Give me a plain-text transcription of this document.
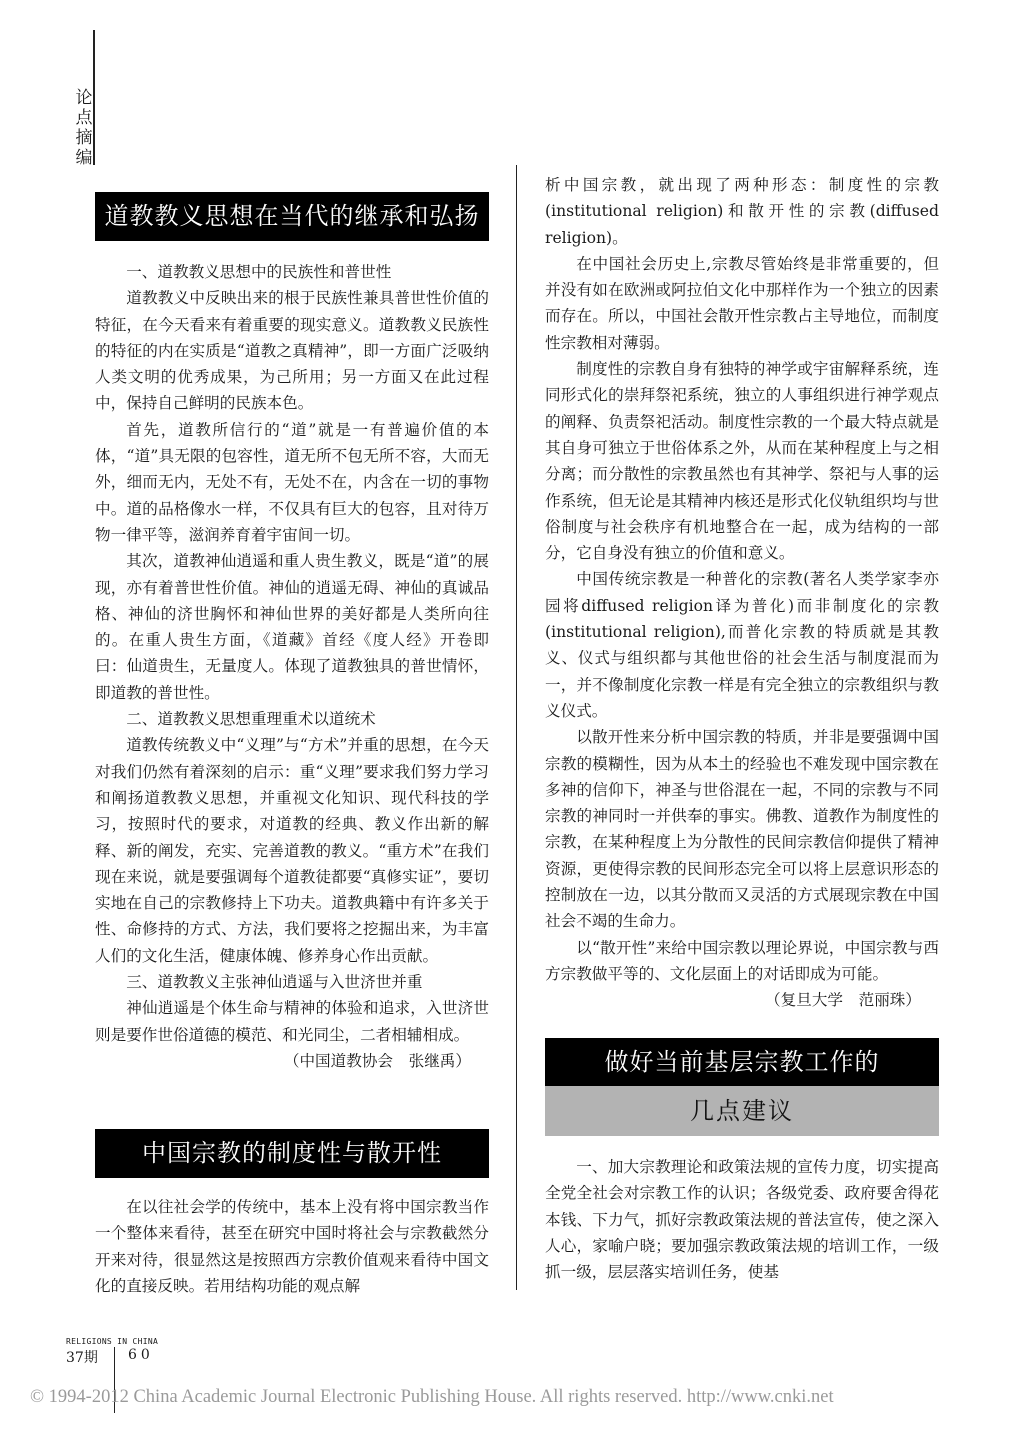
论点摘编
道教教义思想在当代的继承和弘扬

一、道教教义思想中的民族性和普世性

道教教义中反映出来的根于民族性兼具普世性价值的特征，在今天看来有着重要的现实意义。道教教义民族性的特征的内在实质是“道教之真精神”，即一方面广泛吸纳人类文明的优秀成果，为己所用；另一方面又在此过程中，保持自己鲜明的民族本色。

首先，道教所信行的“道”就是一有普遍价值的本体，“道”具无限的包容性，道无所不包无所不容，大而无外，细而无内，无处不有，无处不在，内含在一切的事物中。道的品格像水一样，不仅具有巨大的包容，且对待万物一律平等，滋润养育着宇宙间一切。

其次，道教神仙逍遥和重人贵生教义，既是“道”的展现，亦有着普世性价值。神仙的逍遥无碍、神仙的真诚品格、神仙的济世胸怀和神仙世界的美好都是人类所向往的。在重人贵生方面，《道藏》首经《度人经》开卷即曰：仙道贵生，无量度人。体现了道教独具的普世情怀，即道教的普世性。

二、道教教义思想重理重术以道统术

道教传统教义中“义理”与“方术”并重的思想，在今天对我们仍然有着深刻的启示：重“义理”要求我们努力学习和阐扬道教教义思想，并重视文化知识、现代科技的学习，按照时代的要求，对道教的经典、教义作出新的解释、新的阐发，充实、完善道教的教义。“重方术”在我们现在来说，就是要强调每个道教徒都要“真修实证”，要切实地在自己的宗教修持上下功夫。道教典籍中有许多关于性、命修持的方式、方法，我们要将之挖掘出来，为丰富人们的文化生活，健康体魄、修养身心作出贡献。

三、道教教义主张神仙逍遥与入世济世并重

神仙逍遥是个体生命与精神的体验和追求，入世济世则是要作世俗道德的模范、和光同尘，二者相辅相成。

（中国道教协会　张继禹）
中国宗教的制度性与散开性

在以往社会学的传统中，基本上没有将中国宗教当作一个整体来看待，甚至在研究中国时将社会与宗教截然分开来对待，很显然这是按照西方宗教价值观来看待中国文化的直接反映。若用结构功能的观点解

析中国宗教，就出现了两种形态：制度性的宗教(institutional religion)和散开性的宗教(diffused religion)。

在中国社会历史上,宗教尽管始终是非常重要的，但并没有如在欧洲或阿拉伯文化中那样作为一个独立的因素而存在。所以，中国社会散开性宗教占主导地位，而制度性宗教相对薄弱。

制度性的宗教自身有独特的神学或宇宙解释系统，连同形式化的崇拜祭祀系统，独立的人事组织进行神学观点的阐释、负责祭祀活动。制度性宗教的一个最大特点就是其自身可独立于世俗体系之外，从而在某种程度上与之相分离；而分散性的宗教虽然也有其神学、祭祀与人事的运作系统，但无论是其精神内核还是形式化仪轨组织均与世俗制度与社会秩序有机地整合在一起，成为结构的一部分，它自身没有独立的价值和意义。

中国传统宗教是一种普化的宗教(著名人类学家李亦园将diffused religion译为普化)而非制度化的宗教(institutional religion),而普化宗教的特质就是其教义、仪式与组织都与其他世俗的社会生活与制度混而为一，并不像制度化宗教一样是有完全独立的宗教组织与教义仪式。

以散开性来分析中国宗教的特质，并非是要强调中国宗教的模糊性，因为从本土的经验也不难发现中国宗教在多神的信仰下，神圣与世俗混在一起，不同的宗教与不同宗教的神同时一并供奉的事实。佛教、道教作为制度性的宗教，在某种程度上为分散性的民间宗教信仰提供了精神资源，更使得宗教的民间形态完全可以将上层意识形态的控制放在一边，以其分散而又灵活的方式展现宗教在中国社会不竭的生命力。

以“散开性”来给中国宗教以理论界说，中国宗教与西方宗教做平等的、文化层面上的对话即成为可能。

（复旦大学　范丽珠）
做好当前基层宗教工作的
几点建议

一、加大宗教理论和政策法规的宣传力度，切实提高全党全社会对宗教工作的认识；各级党委、政府要舍得花本钱、下力气，抓好宗教政策法规的普法宣传，使之深入人心，家喻户晓；要加强宗教政策法规的培训工作，一级抓一级，层层落实培训任务，使基

RELIGIONS IN CHINA
37期 60
© 1994-2012 China Academic Journal Electronic Publishing House. All rights reserved. http://www.cnki.net
